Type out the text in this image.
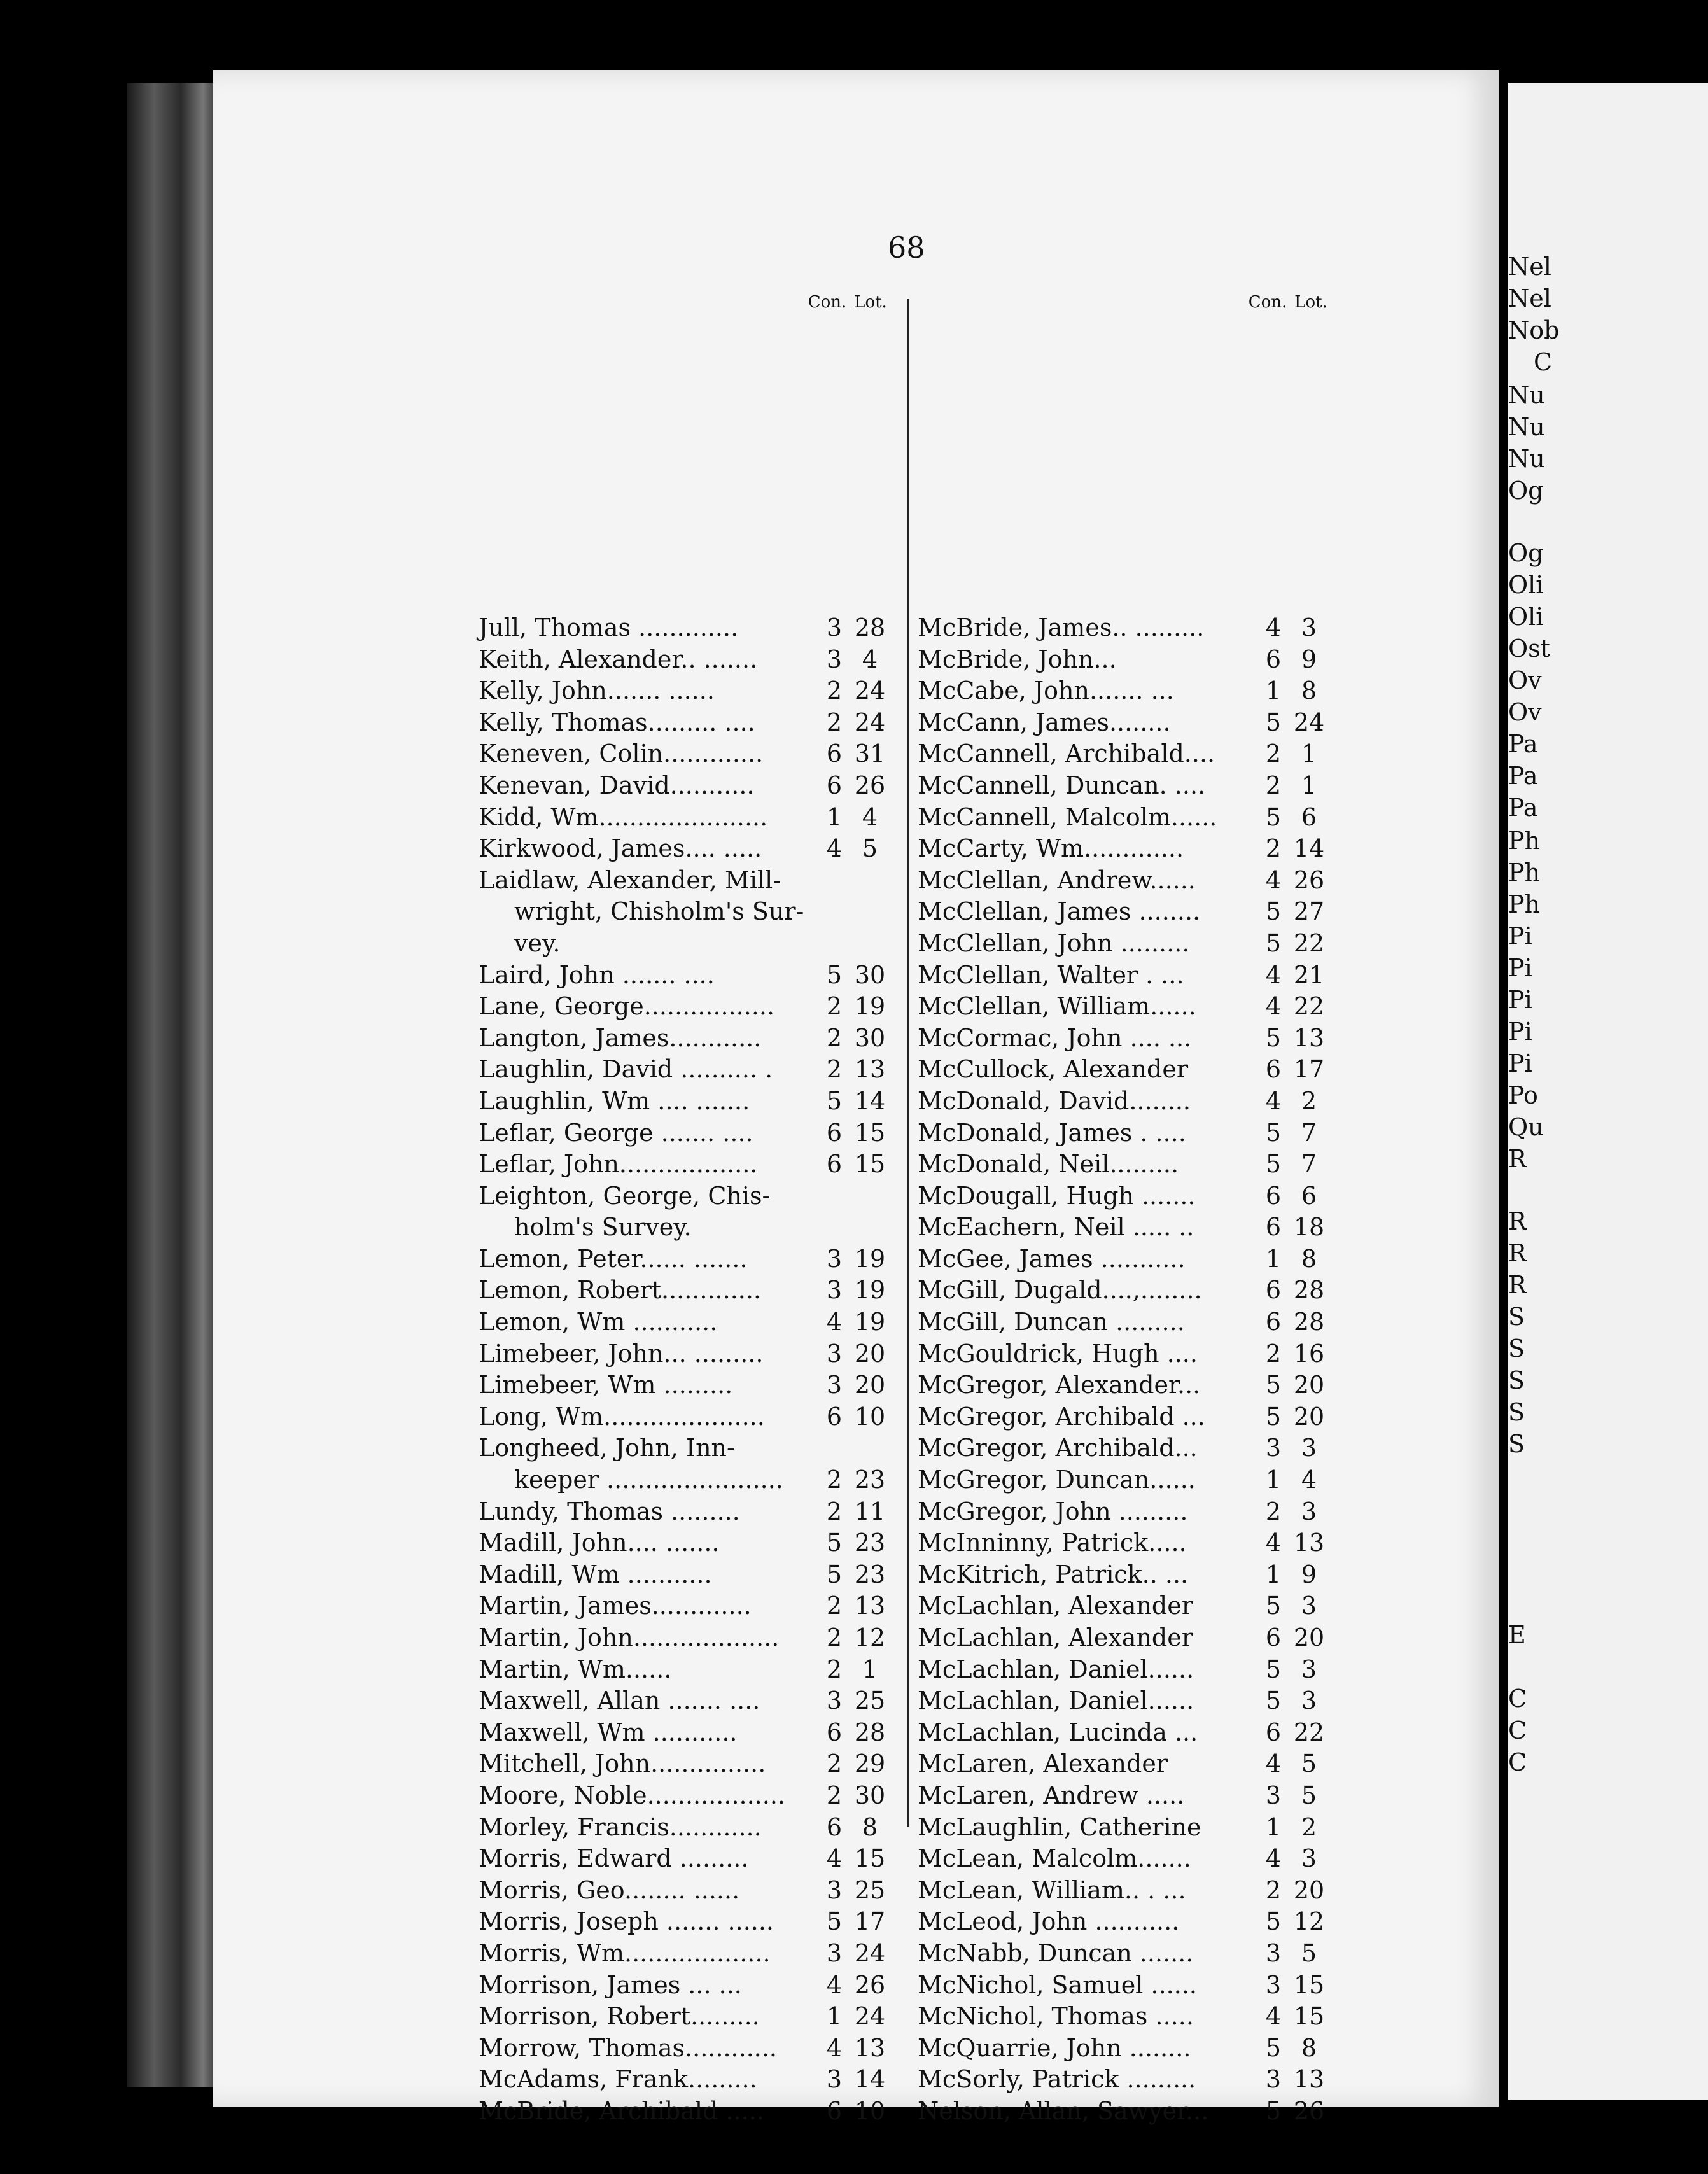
Nel
Nel
Nob
C
Nu
Nu
Nu
Og
Og
Oli
Oli
Ost
Ov
Ov
Pa
Pa
Pa
Ph
Ph
Ph
Pi
Pi
Pi
Pi
Pi
Po
Qu
R
R
R
R
S
S
S
S
S
E
C
C
C
68
Con. Lot.	Con. Lot.
Jull, Thomas .............	3 28
Keith, Alexander.. .......	3 4
Kelly, John....... ......	2 24
Kelly, Thomas......... ....	2 24
Keneven, Colin.............	6 31
Kenevan, David...........	6 26
Kidd, Wm......................	1 4
Kirkwood, James.... .....	4 5
Laidlaw, Alexander, Mill-
wright, Chisholm's Sur-
vey.
Laird, John ....... ....	5 30
Lane, George.................	2 19
Langton, James............	2 30
Laughlin, David .......... .	2 13
Laughlin, Wm .... .......	5 14
Leflar, George ....... ....	6 15
Leflar, John..................	6 15
Leighton, George, Chis-
holm's Survey.
Lemon, Peter...... .......	3 19
Lemon, Robert.............	3 19
Lemon, Wm ...........	4 19
Limebeer, John... .........	3 20
Limebeer, Wm .........	3 20
Long, Wm.....................	6 10
Longheed, John, Inn-
keeper .......................	2 23
Lundy, Thomas .........	2 11
Madill, John.... .......	5 23
Madill, Wm ...........	5 23
Martin, James.............	2 13
Martin, John...................	2 12
Martin, Wm......	2 1
Maxwell, Allan ....... ....	3 25
Maxwell, Wm ...........	6 28
Mitchell, John...............	2 29
Moore, Noble..................	2 30
Morley, Francis............	6 8
Morris, Edward .........	4 15
Morris, Geo........ ......	3 25
Morris, Joseph ....... ......	5 17
Morris, Wm...................	3 24
Morrison, James ... ...	4 26
Morrison, Robert.........	1 24
Morrow, Thomas............	4 13
McAdams, Frank.........	3 14
McBride, Archibald .....	6 10
McBride, James.. .........	4 3
McBride, John...	6 9
McCabe, John....... ...	1 8
McCann, James........	5 24
McCannell, Archibald....	2 1
McCannell, Duncan. ....	2 1
McCannell, Malcolm......	5 6
McCarty, Wm.............	2 14
McClellan, Andrew......	4 26
McClellan, James ........	5 27
McClellan, John .........	5 22
McClellan, Walter . ...	4 21
McClellan, William......	4 22
McCormac, John .... ...	5 13
McCullock, Alexander	6 17
McDonald, David........	4 2
McDonald, James . ....	5 7
McDonald, Neil.........	5 7
McDougall, Hugh .......	6 6
McEachern, Neil ..... ..	6 18
McGee, James ...........	1 8
McGill, Dugald....,........	6 28
McGill, Duncan .........	6 28
McGouldrick, Hugh ....	2 16
McGregor, Alexander...	5 20
McGregor, Archibald ...	5 20
McGregor, Archibald...	3 3
McGregor, Duncan......	1 4
McGregor, John .........	2 3
McInninny, Patrick.....	4 13
McKitrich, Patrick.. ...	1 9
McLachlan, Alexander	5 3
McLachlan, Alexander	6 20
McLachlan, Daniel......	5 3
McLachlan, Daniel......	5 3
McLachlan, Lucinda ...	6 22
McLaren, Alexander	4 5
McLaren, Andrew .....	3 5
McLaughlin, Catherine	1 2
McLean, Malcolm.......	4 3
McLean, William.. . ...	2 20
McLeod, John ...........	5 12
McNabb, Duncan .......	3 5
McNichol, Samuel ......	3 15
McNichol, Thomas .....	4 15
McQuarrie, John ........	5 8
McSorly, Patrick .........	3 13
Nelson, Allan, Sawyer...	5 26
